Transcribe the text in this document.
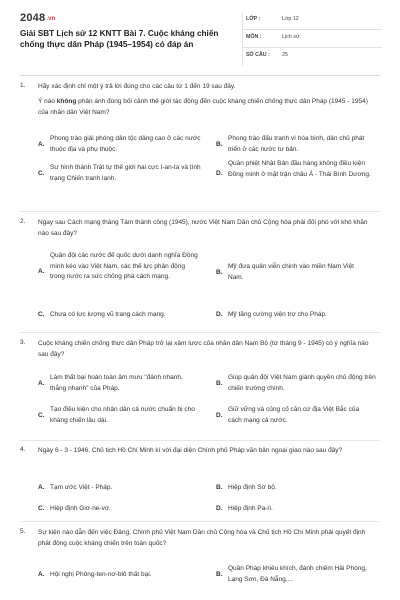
2048.vn
Giải SBT Lịch sử 12 KNTT Bài 7. Cuộc kháng chiến chống thực dân Pháp (1945–1954) có đáp án
LỚP :	Lớp 12
MÔN :	Lịch sử
SỐ CÂU : 25
1. Hãy xác định chỉ một ý trả lời đúng cho các câu từ 1 đến 19 sau đây.
Ý nào không phản ánh đúng bối cảnh thế giới tác động đến cuộc kháng chiến chống thực dân Pháp (1945 - 1954) của nhân dân Việt Nam?
A.
Phong trào giải phóng dân tộc dâng cao ở các nước thuộc địa và phụ thuộc.
B.
Phong trào đấu tranh vì hòa bình, dân chủ phát triển ở các nước tư bản.
C.
Sự hình thành Trật tự thế giới hai cực I-an-ta và tình trạng Chiến tranh lạnh.
D.
Quân phiệt Nhật Bản đầu hàng không điều kiện Đồng minh ở mặt trận châu Á - Thái Bình Dương.
2. Ngay sau Cách mạng tháng Tám thành công (1945), nước Việt Nam Dân chủ Cộng hòa phải đối phó với khó khăn nào sau đây?
A.
Quân đội các nước đế quốc dưới danh nghĩa Đồng minh kéo vào Việt Nam, các thế lực phản động trong nước ra sức chống phá cách mạng.
B.
Mỹ đưa quân viễn chinh vào miền Nam Việt Nam.
C. Chưa có lực lượng vũ trang cách mạng.	D. Mỹ tăng cường viện trợ cho Pháp.
3. Cuộc kháng chiến chống thực dân Pháp trở lại xâm lược của nhân dân Nam Bộ (từ tháng 9 - 1945) có ý nghĩa nào sau đây?
A.
Làm thất bại hoàn toàn âm mưu "đánh nhanh, thắng nhanh" của Pháp.
B.
Giúp quân đội Việt Nam giành quyền chủ động trên chiến trường chính.
C.
Tạo điều kiện cho nhân dân cả nước chuẩn bị cho kháng chiến lâu dài.
D.
Giữ vững và củng cố căn cứ địa Việt Bắc của cách mạng cả nước.
4. Ngày 6 - 3 - 1946, Chủ tịch Hồ Chí Minh kí với đại diện Chính phủ Pháp văn bản ngoại giao nào sau đây?
A. Tạm ước Việt - Pháp.	B. Hiệp định Sơ bộ.
C. Hiệp định Giơ-ne-vơ.	D. Hiệp định Pa-ri.
5. Sự kiện nào dẫn đến việc Đảng, Chính phủ Việt Nam Dân chủ Cộng hòa và Chủ tịch Hồ Chí Minh phải quyết định phát động cuộc kháng chiến trên toàn quốc?
A. Hội nghị Phông-ten-nơ-blô thất bại.	B.
Quân Pháp khiêu khích, đánh chiếm Hải Phòng, Lạng Sơn, Đà Nẵng,...
